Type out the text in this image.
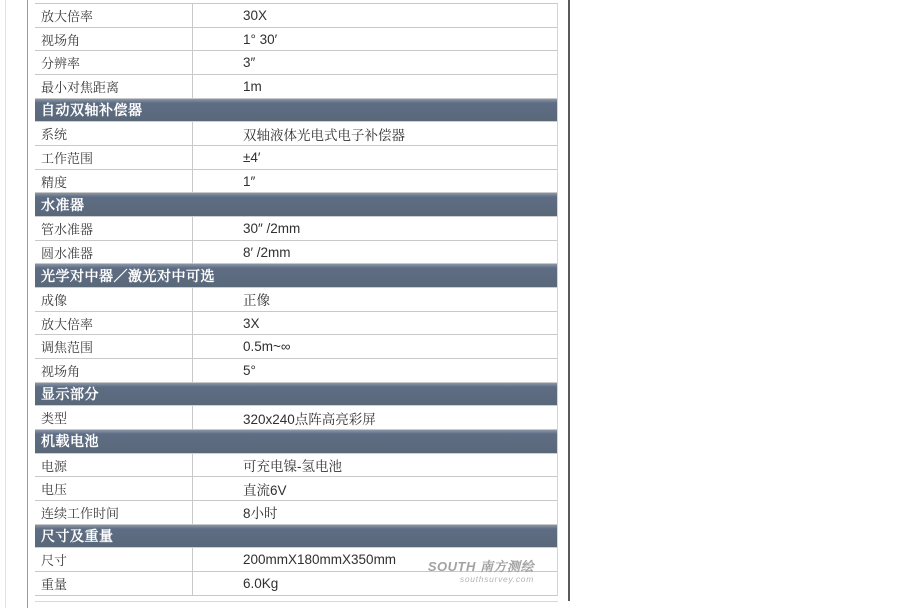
放大倍率	30X
视场角	1° 30′
分辨率	3″
最小对焦距离	1m
自动双轴补偿器
系统	双轴液体光电式电子补偿器
工作范围	±4′
精度	1″
水准器
管水准器	30″ /2mm
圆水准器	8′ /2mm
光学对中器／激光对中可选
成像	正像
放大倍率	3X
调焦范围	0.5m~∞
视场角	5°
显示部分
类型	320x240点阵高亮彩屏
机载电池
电源	可充电镍-氢电池
电压	直流6V
连续工作时间	8小时
尺寸及重量
尺寸	200mmX180mmX350mm
重量	6.0Kg
SOUTH 南方测绘
southsurvey.com
